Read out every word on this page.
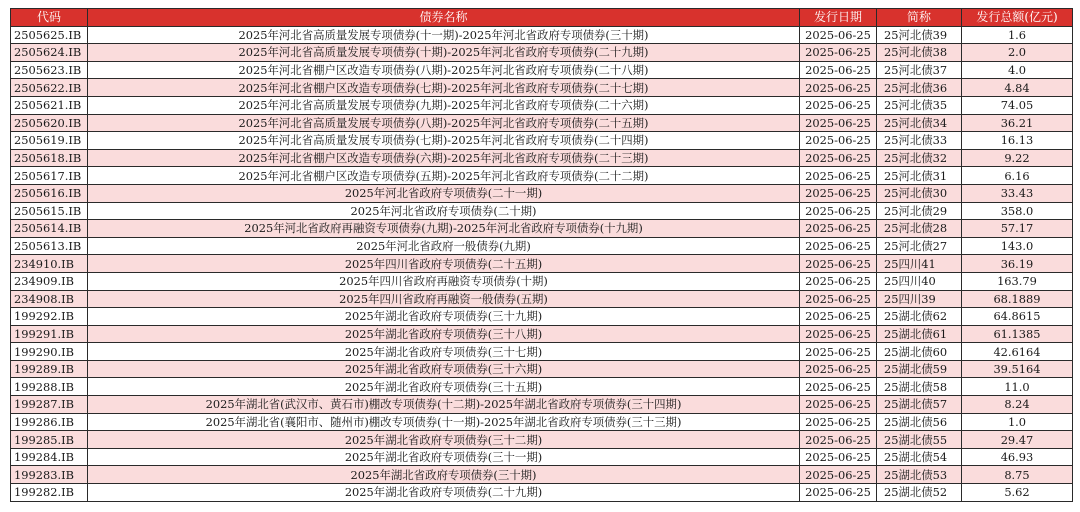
代码	债券名称	发行日期	简称	发行总额(亿元)
2505625.IB	2025年河北省高质量发展专项债券(十一期)-2025年河北省政府专项债券(三十期)	2025-06-25	25河北债39	1.6
2505624.IB	2025年河北省高质量发展专项债券(十期)-2025年河北省政府专项债券(二十九期)	2025-06-25	25河北债38	2.0
2505623.IB	2025年河北省棚户区改造专项债券(八期)-2025年河北省政府专项债券(二十八期)	2025-06-25	25河北债37	4.0
2505622.IB	2025年河北省棚户区改造专项债券(七期)-2025年河北省政府专项债券(二十七期)	2025-06-25	25河北债36	4.84
2505621.IB	2025年河北省高质量发展专项债券(九期)-2025年河北省政府专项债券(二十六期)	2025-06-25	25河北债35	74.05
2505620.IB	2025年河北省高质量发展专项债券(八期)-2025年河北省政府专项债券(二十五期)	2025-06-25	25河北债34	36.21
2505619.IB	2025年河北省高质量发展专项债券(七期)-2025年河北省政府专项债券(二十四期)	2025-06-25	25河北债33	16.13
2505618.IB	2025年河北省棚户区改造专项债券(六期)-2025年河北省政府专项债券(二十三期)	2025-06-25	25河北债32	9.22
2505617.IB	2025年河北省棚户区改造专项债券(五期)-2025年河北省政府专项债券(二十二期)	2025-06-25	25河北债31	6.16
2505616.IB	2025年河北省政府专项债券(二十一期)	2025-06-25	25河北债30	33.43
2505615.IB	2025年河北省政府专项债券(二十期)	2025-06-25	25河北债29	358.0
2505614.IB	2025年河北省政府再融资专项债券(九期)-2025年河北省政府专项债券(十九期)	2025-06-25	25河北债28	57.17
2505613.IB	2025年河北省政府一般债券(九期)	2025-06-25	25河北债27	143.0
234910.IB	2025年四川省政府专项债券(二十五期)	2025-06-25	25四川41	36.19
234909.IB	2025年四川省政府再融资专项债券(十期)	2025-06-25	25四川40	163.79
234908.IB	2025年四川省政府再融资一般债券(五期)	2025-06-25	25四川39	68.1889
199292.IB	2025年湖北省政府专项债券(三十九期)	2025-06-25	25湖北债62	64.8615
199291.IB	2025年湖北省政府专项债券(三十八期)	2025-06-25	25湖北债61	61.1385
199290.IB	2025年湖北省政府专项债券(三十七期)	2025-06-25	25湖北债60	42.6164
199289.IB	2025年湖北省政府专项债券(三十六期)	2025-06-25	25湖北债59	39.5164
199288.IB	2025年湖北省政府专项债券(三十五期)	2025-06-25	25湖北债58	11.0
199287.IB	2025年湖北省(武汉市、黄石市)棚改专项债券(十二期)-2025年湖北省政府专项债券(三十四期)	2025-06-25	25湖北债57	8.24
199286.IB	2025年湖北省(襄阳市、随州市)棚改专项债券(十一期)-2025年湖北省政府专项债券(三十三期)	2025-06-25	25湖北债56	1.0
199285.IB	2025年湖北省政府专项债券(三十二期)	2025-06-25	25湖北债55	29.47
199284.IB	2025年湖北省政府专项债券(三十一期)	2025-06-25	25湖北债54	46.93
199283.IB	2025年湖北省政府专项债券(三十期)	2025-06-25	25湖北债53	8.75
199282.IB	2025年湖北省政府专项债券(二十九期)	2025-06-25	25湖北债52	5.62
